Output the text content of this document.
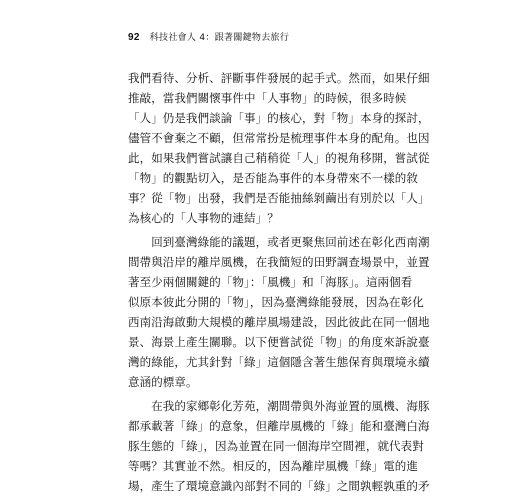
92 科技社會人 4：跟著關鍵物去旅行
我們看待、分析、評斷事件發展的起手式。然而，如果仔細
推敲，當我們關懷事件中「人事物」的時候，很多時候
「人」仍是我們談論「事」的核心，對「物」本身的探討，
儘管不會棄之不顧，但常常扮是梳理事件本身的配角。也因
此，如果我們嘗試讓自己稍稍從「人」的視角移開，嘗試從
「物」的觀點切入，是否能為事件的本身帶來不一樣的敘
事？從「物」出發，我們是否能抽絲剝繭出有別於以「人」
為核心的「人事物的連結」？
　　回到臺灣綠能的議題，或者更聚焦回前述在彰化西南潮
間帶與沿岸的離岸風機，在我簡短的田野調查場景中，並置
著至少兩個關鍵的「物」：「風機」和「海豚」。這兩個看
似原本彼此分開的「物」，因為臺灣綠能發展，因為在彰化
西南沿海啟動大規模的離岸風場建設，因此彼此在同一個地
景、海景上產生關聯。以下便嘗試從「物」的角度來訴說臺
灣的綠能，尤其針對「綠」這個隱含著生態保育與環境永續
意涵的標章。
　　在我的家鄉彰化芳苑，潮間帶與外海並置的風機、海豚
都承載著「綠」的意象，但離岸風機的「綠」能和臺灣白海
豚生態的「綠」，因為並置在同一個海岸空間裡，就代表對
等嗎？其實並不然。相反的，因為離岸風機「綠」電的進
場，產生了環境意識內部對不同的「綠」之間孰輕孰重的矛
